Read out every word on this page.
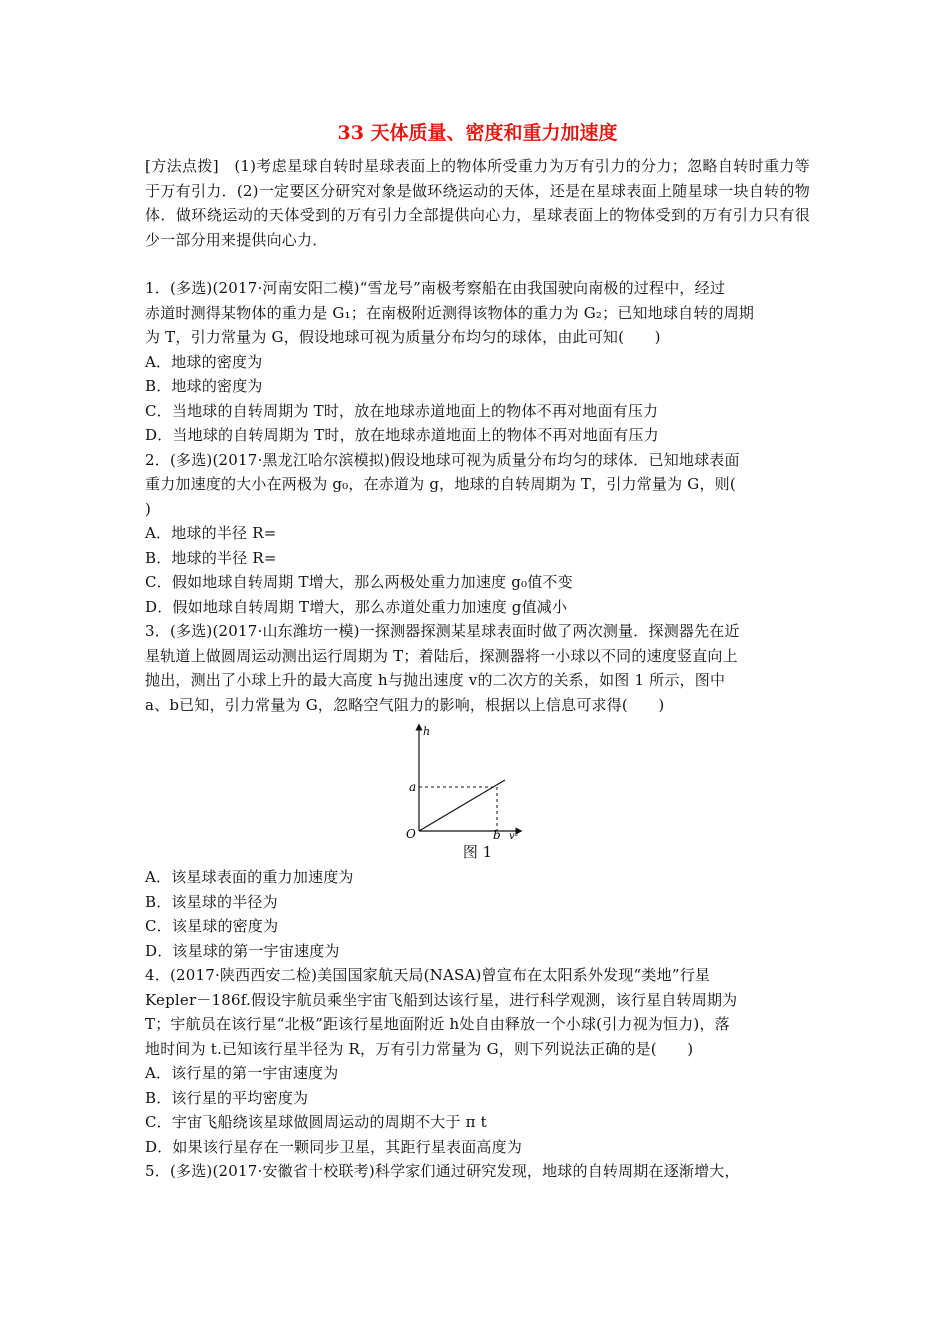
33 天体质量、密度和重力加速度
[方法点拨]　(1)考虑星球自转时星球表面上的物体所受重力为万有引力的分力；忽略自转时重力等于万有引力．(2)一定要区分研究对象是做环绕运动的天体，还是在星球表面上随星球一块自转的物体．做环绕运动的天体受到的万有引力全部提供向心力，星球表面上的物体受到的万有引力只有很少一部分用来提供向心力．
1．(多选)(2017·河南安阳二模)“雪龙号”南极考察船在由我国驶向南极的过程中，经过
赤道时测得某物体的重力是 G₁；在南极附近测得该物体的重力为 G₂；已知地球自转的周期
为 T，引力常量为 G，假设地球可视为质量分布均匀的球体，由此可知(　　)
A．地球的密度为
B．地球的密度为
C．当地球的自转周期为 T时，放在地球赤道地面上的物体不再对地面有压力
D．当地球的自转周期为 T时，放在地球赤道地面上的物体不再对地面有压力
2．(多选)(2017·黑龙江哈尔滨模拟)假设地球可视为质量分布均匀的球体．已知地球表面
重力加速度的大小在两极为 g₀，在赤道为 g，地球的自转周期为 T，引力常量为 G，则(
)
A．地球的半径 R=
B．地球的半径 R=
C．假如地球自转周期 T增大，那么两极处重力加速度 g₀值不变
D．假如地球自转周期 T增大，那么赤道处重力加速度 g值减小
3．(多选)(2017·山东潍坊一模)一探测器探测某星球表面时做了两次测量．探测器先在近
星轨道上做圆周运动测出运行周期为 T；着陆后，探测器将一小球以不同的速度竖直向上
抛出，测出了小球上升的最大高度 h与抛出速度 v的二次方的关系，如图 1 所示，图中
a、b已知，引力常量为 G，忽略空气阻力的影响，根据以上信息可求得(　　)
h
v²
O
a
b
图 1
A．该星球表面的重力加速度为
B．该星球的半径为
C．该星球的密度为
D．该星球的第一宇宙速度为
4．(2017·陕西西安二检)美国国家航天局(NASA)曾宣布在太阳系外发现“类地”行星
Kepler－186f.假设宇航员乘坐宇宙飞船到达该行星，进行科学观测，该行星自转周期为
T；宇航员在该行星“北极”距该行星地面附近 h处自由释放一个小球(引力视为恒力)，落
地时间为 t.已知该行星半径为 R，万有引力常量为 G，则下列说法正确的是(　　)
A．该行星的第一宇宙速度为
B．该行星的平均密度为
C．宇宙飞船绕该星球做圆周运动的周期不大于 π t
D．如果该行星存在一颗同步卫星，其距行星表面高度为
5．(多选)(2017·安徽省十校联考)科学家们通过研究发现，地球的自转周期在逐渐增大，
